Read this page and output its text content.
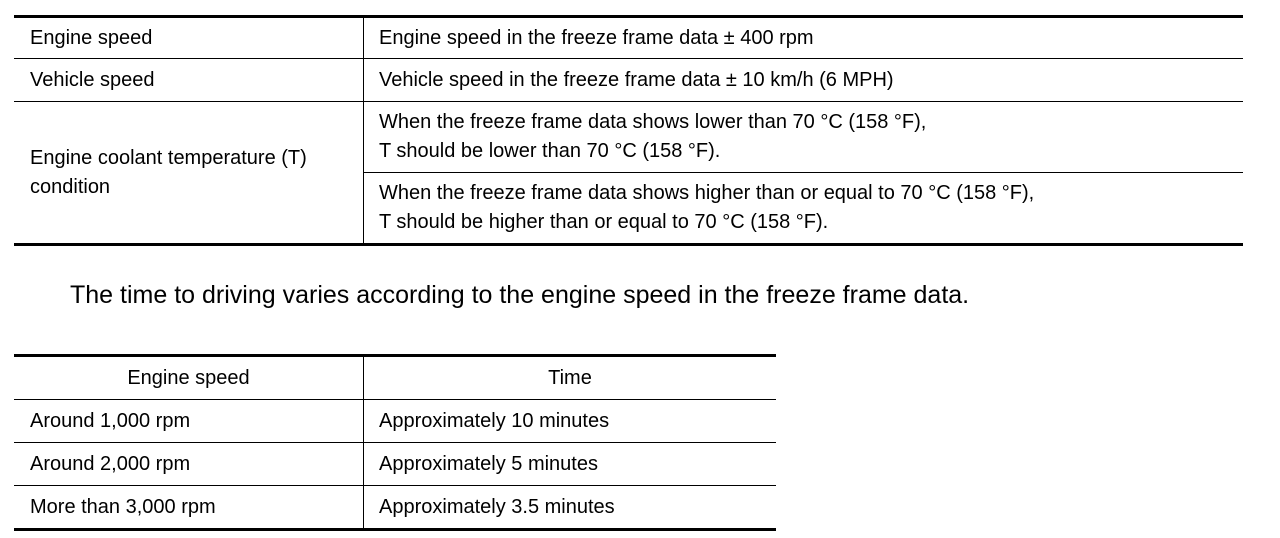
Engine speed	Engine speed in the freeze frame data ± 400 rpm
Vehicle speed	Vehicle speed in the freeze frame data ± 10 km/h (6 MPH)
Engine coolant temperature (T)
condition	When the freeze frame data shows lower than 70 °C (158 °F),
T should be lower than 70 °C (158 °F).
	When the freeze frame data shows higher than or equal to 70 °C (158 °F),
T should be higher than or equal to 70 °C (158 °F).

The time to driving varies according to the engine speed in the freeze frame data.

Engine speed	Time
Around 1,000 rpm	Approximately 10 minutes
Around 2,000 rpm	Approximately 5 minutes
More than 3,000 rpm	Approximately 3.5 minutes
